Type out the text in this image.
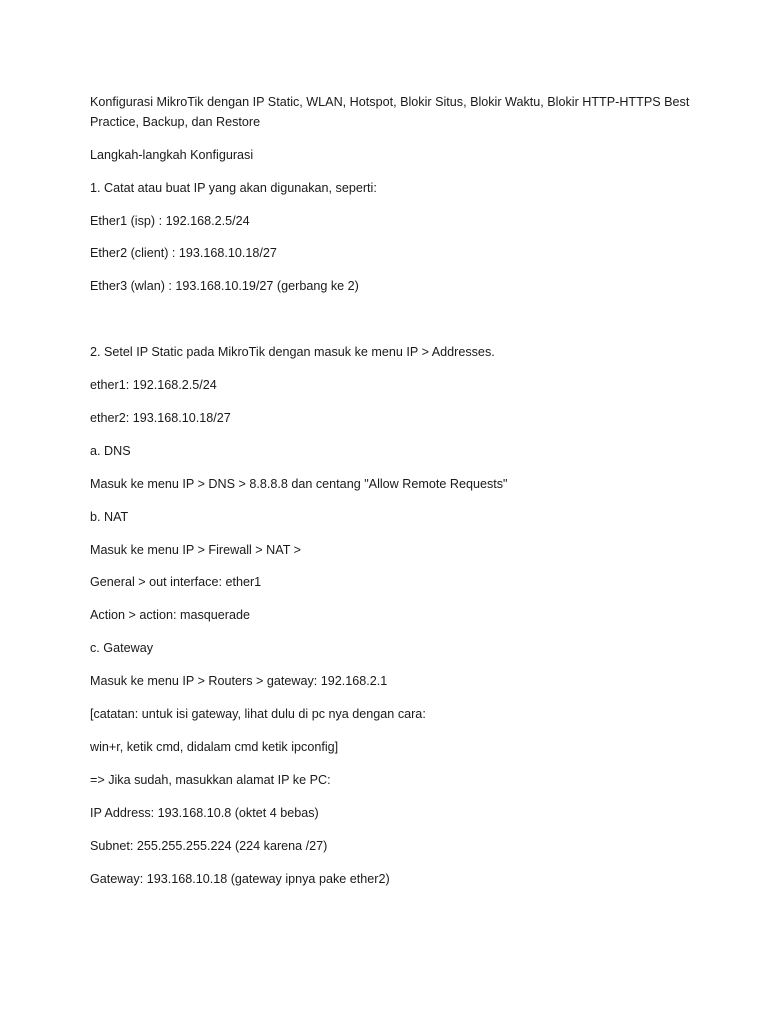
Konfigurasi MikroTik dengan IP Static, WLAN, Hotspot, Blokir Situs, Blokir Waktu, Blokir HTTP-HTTPS Best
Practice, Backup, dan Restore
Langkah-langkah Konfigurasi
1. Catat atau buat IP yang akan digunakan, seperti:
Ether1 (isp) : 192.168.2.5/24
Ether2 (client) : 193.168.10.18/27
Ether3 (wlan) : 193.168.10.19/27 (gerbang ke 2)
2. Setel IP Static pada MikroTik dengan masuk ke menu IP > Addresses.
ether1: 192.168.2.5/24
ether2: 193.168.10.18/27
a. DNS
Masuk ke menu IP > DNS > 8.8.8.8 dan centang "Allow Remote Requests"
b. NAT
Masuk ke menu IP > Firewall > NAT >
General > out interface: ether1
Action > action: masquerade
c. Gateway
Masuk ke menu IP > Routers > gateway: 192.168.2.1
[catatan: untuk isi gateway, lihat dulu di pc nya dengan cara:
win+r, ketik cmd, didalam cmd ketik ipconfig]
=> Jika sudah, masukkan alamat IP ke PC:
IP Address: 193.168.10.8 (oktet 4 bebas)
Subnet: 255.255.255.224 (224 karena /27)
Gateway: 193.168.10.18 (gateway ipnya pake ether2)
